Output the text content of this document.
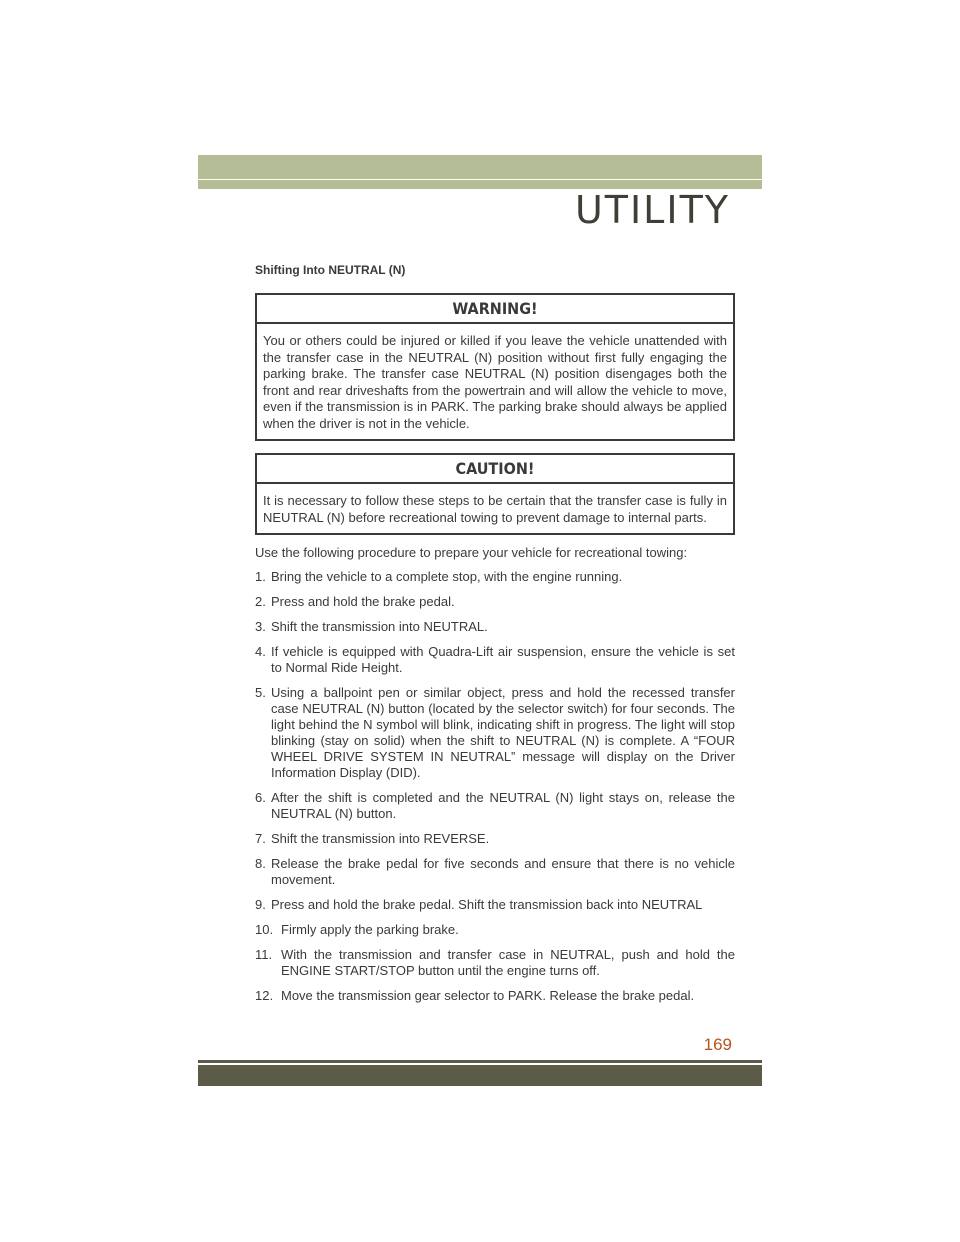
UTILITY
Shifting Into NEUTRAL (N)
WARNING!
You or others could be injured or killed if you leave the vehicle unattended with the transfer case in the NEUTRAL (N) position without first fully engaging the parking brake. The transfer case NEUTRAL (N) position disengages both the front and rear driveshafts from the powertrain and will allow the vehicle to move, even if the transmission is in PARK. The parking brake should always be applied when the driver is not in the vehicle.
CAUTION!
It is necessary to follow these steps to be certain that the transfer case is fully in NEUTRAL (N) before recreational towing to prevent damage to internal parts.
Use the following procedure to prepare your vehicle for recreational towing:
1. Bring the vehicle to a complete stop, with the engine running.
2. Press and hold the brake pedal.
3. Shift the transmission into NEUTRAL.
4. If vehicle is equipped with Quadra-Lift air suspension, ensure the vehicle is set to Normal Ride Height.
5. Using a ballpoint pen or similar object, press and hold the recessed transfer case NEUTRAL (N) button (located by the selector switch) for four seconds. The light behind the N symbol will blink, indicating shift in progress. The light will stop blinking (stay on solid) when the shift to NEUTRAL (N) is complete. A “FOUR WHEEL DRIVE SYSTEM IN NEUTRAL” message will display on the Driver Information Display (DID).
6. After the shift is completed and the NEUTRAL (N) light stays on, release the NEUTRAL (N) button.
7. Shift the transmission into REVERSE.
8. Release the brake pedal for five seconds and ensure that there is no vehicle movement.
9. Press and hold the brake pedal. Shift the transmission back into NEUTRAL
10. Firmly apply the parking brake.
11. With the transmission and transfer case in NEUTRAL, push and hold the ENGINE START/STOP button until the engine turns off.
12. Move the transmission gear selector to PARK. Release the brake pedal.
169
